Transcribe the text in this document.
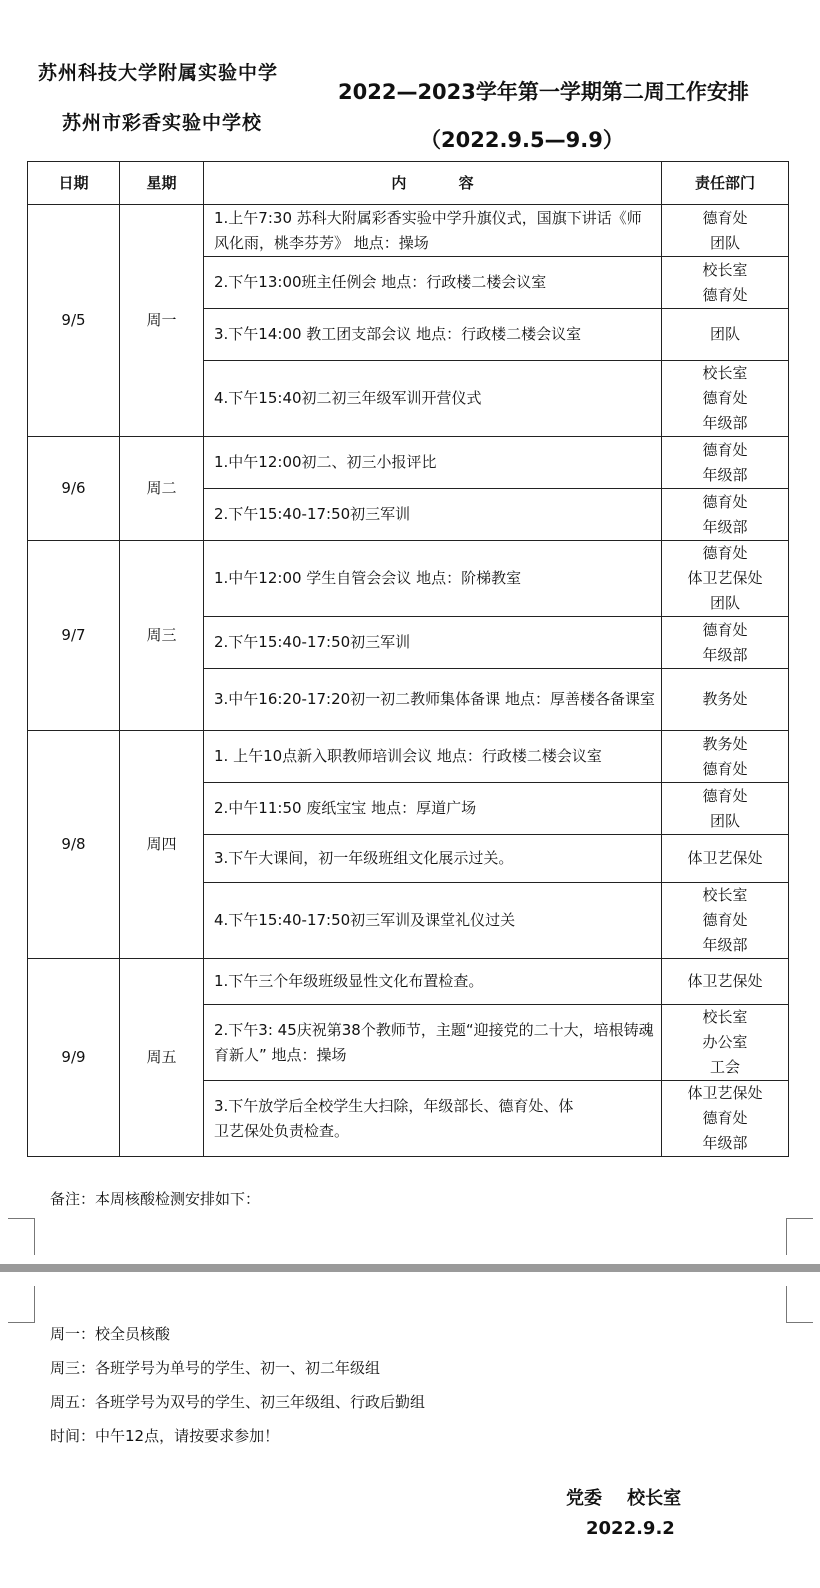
苏州科技大学附属实验中学
苏州市彩香实验中学校
2022—2023学年第一学期第二周工作安排
（2022.9.5—9.9）
日期	星期	内          容	责任部门
9/5	周一	1.上午7:30 苏科大附属彩香实验中学升旗仪式，国旗下讲话《师风化雨，桃李芬芳》 地点：操场	德育处
团队
		2.下午13:00班主任例会 地点：行政楼二楼会议室	校长室
德育处
		3.下午14:00 教工团支部会议 地点：行政楼二楼会议室	团队
		4.下午15:40初二初三年级军训开营仪式	校长室
德育处
年级部
9/6	周二	1.中午12:00初二、初三小报评比	德育处
年级部
		2.下午15:40-17:50初三军训	德育处
年级部
9/7	周三	1.中午12:00 学生自管会会议 地点：阶梯教室	德育处
体卫艺保处
团队
		2.下午15:40-17:50初三军训	德育处
年级部
		3.中午16:20-17:20初一初二教师集体备课 地点：厚善楼各备课室	教务处
9/8	周四	1. 上午10点新入职教师培训会议 地点：行政楼二楼会议室	教务处
德育处
		2.中午11:50 废纸宝宝 地点：厚道广场	德育处
团队
		3.下午大课间，初一年级班组文化展示过关。	体卫艺保处
		4.下午15:40-17:50初三军训及课堂礼仪过关	校长室
德育处
年级部
9/9	周五	1.下午三个年级班级显性文化布置检查。	体卫艺保处
		2.下午3: 45庆祝第38个教师节，主题“迎接党的二十大，培根铸魂育新人” 地点：操场	校长室
办公室
工会
		3.下午放学后全校学生大扫除，年级部长、德育处、体
卫艺保处负责检查。	体卫艺保处
德育处
年级部
备注：本周核酸检测安排如下：
周一：校全员核酸
周三：各班学号为单号的学生、初一、初二年级组
周五：各班学号为双号的学生、初三年级组、行政后勤组
时间：中午12点，请按要求参加！
党委    校长室
2022.9.2
